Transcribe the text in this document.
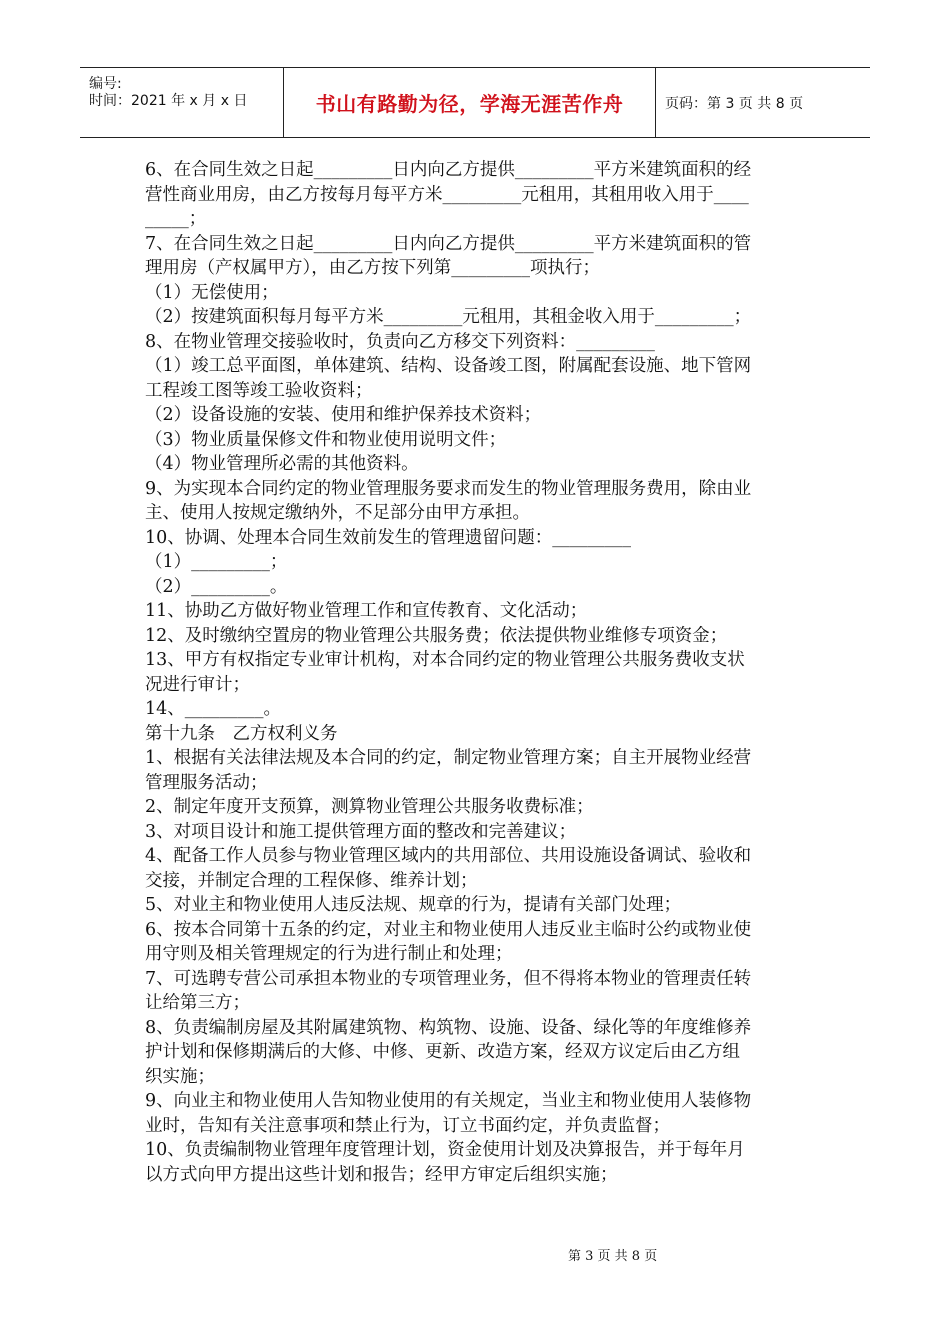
编号:
时间：2021 年 x 月 x 日	书山有路勤为径，学海无涯苦作舟	页码：第 3 页 共 8 页
6、在合同生效之日起_________日内向乙方提供_________平方米建筑面积的经
营性商业用房，由乙方按每月每平方米_________元租用，其租用收入用于____
_____；
7、在合同生效之日起_________日内向乙方提供_________平方米建筑面积的管
理用房（产权属甲方），由乙方按下列第_________项执行；
（1）无偿使用；
（2）按建筑面积每月每平方米_________元租用，其租金收入用于_________；
8、在物业管理交接验收时，负责向乙方移交下列资料：_________
（1）竣工总平面图，单体建筑、结构、设备竣工图，附属配套设施、地下管网
工程竣工图等竣工验收资料；
（2）设备设施的安装、使用和维护保养技术资料；
（3）物业质量保修文件和物业使用说明文件；
（4）物业管理所必需的其他资料。
9、为实现本合同约定的物业管理服务要求而发生的物业管理服务费用，除由业
主、使用人按规定缴纳外，不足部分由甲方承担。
10、协调、处理本合同生效前发生的管理遗留问题：_________
（1）_________；
（2）_________。
11、协助乙方做好物业管理工作和宣传教育、文化活动；
12、及时缴纳空置房的物业管理公共服务费；依法提供物业维修专项资金；
13、甲方有权指定专业审计机构，对本合同约定的物业管理公共服务费收支状
况进行审计；
14、_________。
第十九条　乙方权利义务
1、根据有关法律法规及本合同的约定，制定物业管理方案；自主开展物业经营
管理服务活动；
2、制定年度开支预算，测算物业管理公共服务收费标准；
3、对项目设计和施工提供管理方面的整改和完善建议；
4、配备工作人员参与物业管理区域内的共用部位、共用设施设备调试、验收和
交接，并制定合理的工程保修、维养计划；
5、对业主和物业使用人违反法规、规章的行为，提请有关部门处理；
6、按本合同第十五条的约定，对业主和物业使用人违反业主临时公约或物业使
用守则及相关管理规定的行为进行制止和处理；
7、可选聘专营公司承担本物业的专项管理业务，但不得将本物业的管理责任转
让给第三方；
8、负责编制房屋及其附属建筑物、构筑物、设施、设备、绿化等的年度维修养
护计划和保修期满后的大修、中修、更新、改造方案，经双方议定后由乙方组
织实施；
9、向业主和物业使用人告知物业使用的有关规定，当业主和物业使用人装修物
业时，告知有关注意事项和禁止行为，订立书面约定，并负责监督；
10、负责编制物业管理年度管理计划，资金使用计划及决算报告，并于每年月
以方式向甲方提出这些计划和报告；经甲方审定后组织实施；
第 3 页 共 8 页
